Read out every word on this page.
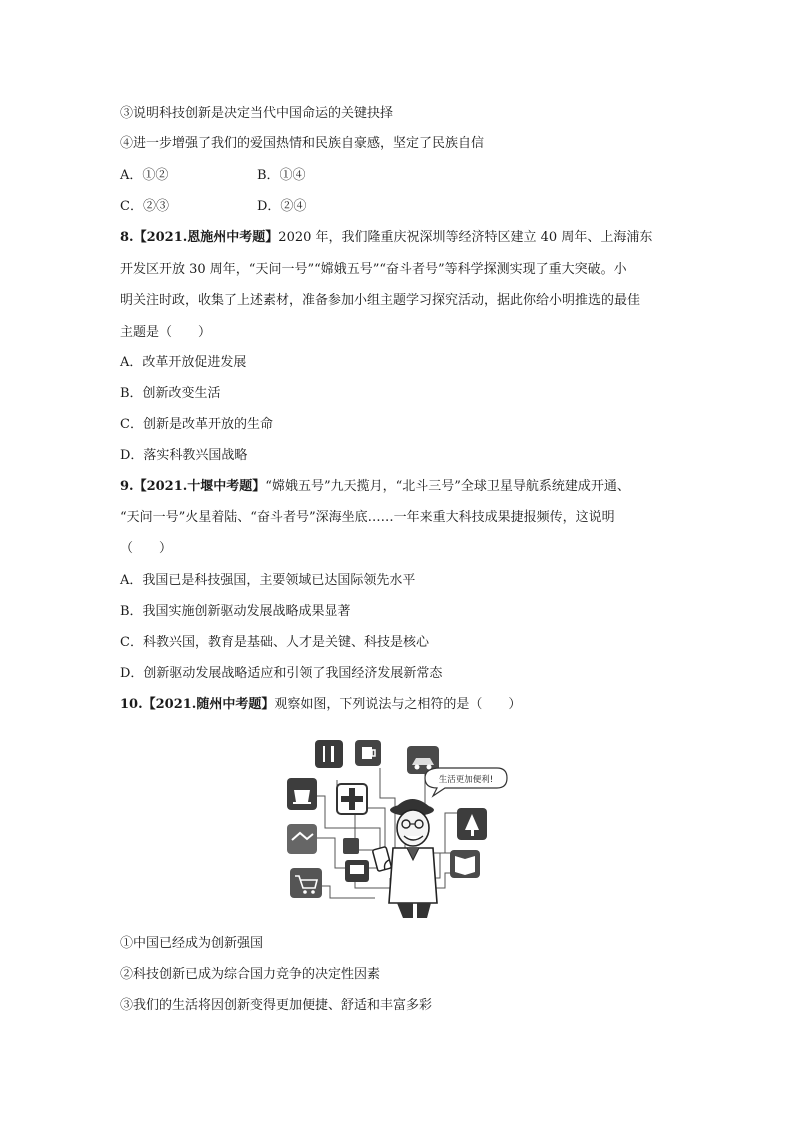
③说明科技创新是决定当代中国命运的关键抉择
④进一步增强了我们的爱国热情和民族自豪感，坚定了民族自信
A．①②	B．①④
C．②③	D．②④
8.【2021.恩施州中考题】2020 年，我们隆重庆祝深圳等经济特区建立 40 周年、上海浦东
开发区开放 30 周年，“天问一号”“嫦娥五号”“奋斗者号”等科学探测实现了重大突破。小
明关注时政，收集了上述素材，准备参加小组主题学习探究活动，据此你给小明推选的最佳
主题是（　　）
A．改革开放促进发展
B．创新改变生活
C．创新是改革开放的生命
D．落实科教兴国战略
9.【2021.十堰中考题】“嫦娥五号”九天揽月，“北斗三号”全球卫星导航系统建成开通、
“天问一号”火星着陆、“奋斗者号”深海坐底……一年来重大科技成果捷报频传，这说明
（　　）
A．我国已是科技强国，主要领域已达国际领先水平
B．我国实施创新驱动发展战略成果显著
C．科教兴国，教育是基础、人才是关键、科技是核心
D．创新驱动发展战略适应和引领了我国经济发展新常态
10.【2021.随州中考题】观察如图，下列说法与之相符的是（　　）
生活更加便利!
①中国已经成为创新强国
②科技创新已成为综合国力竞争的决定性因素
③我们的生活将因创新变得更加便捷、舒适和丰富多彩
